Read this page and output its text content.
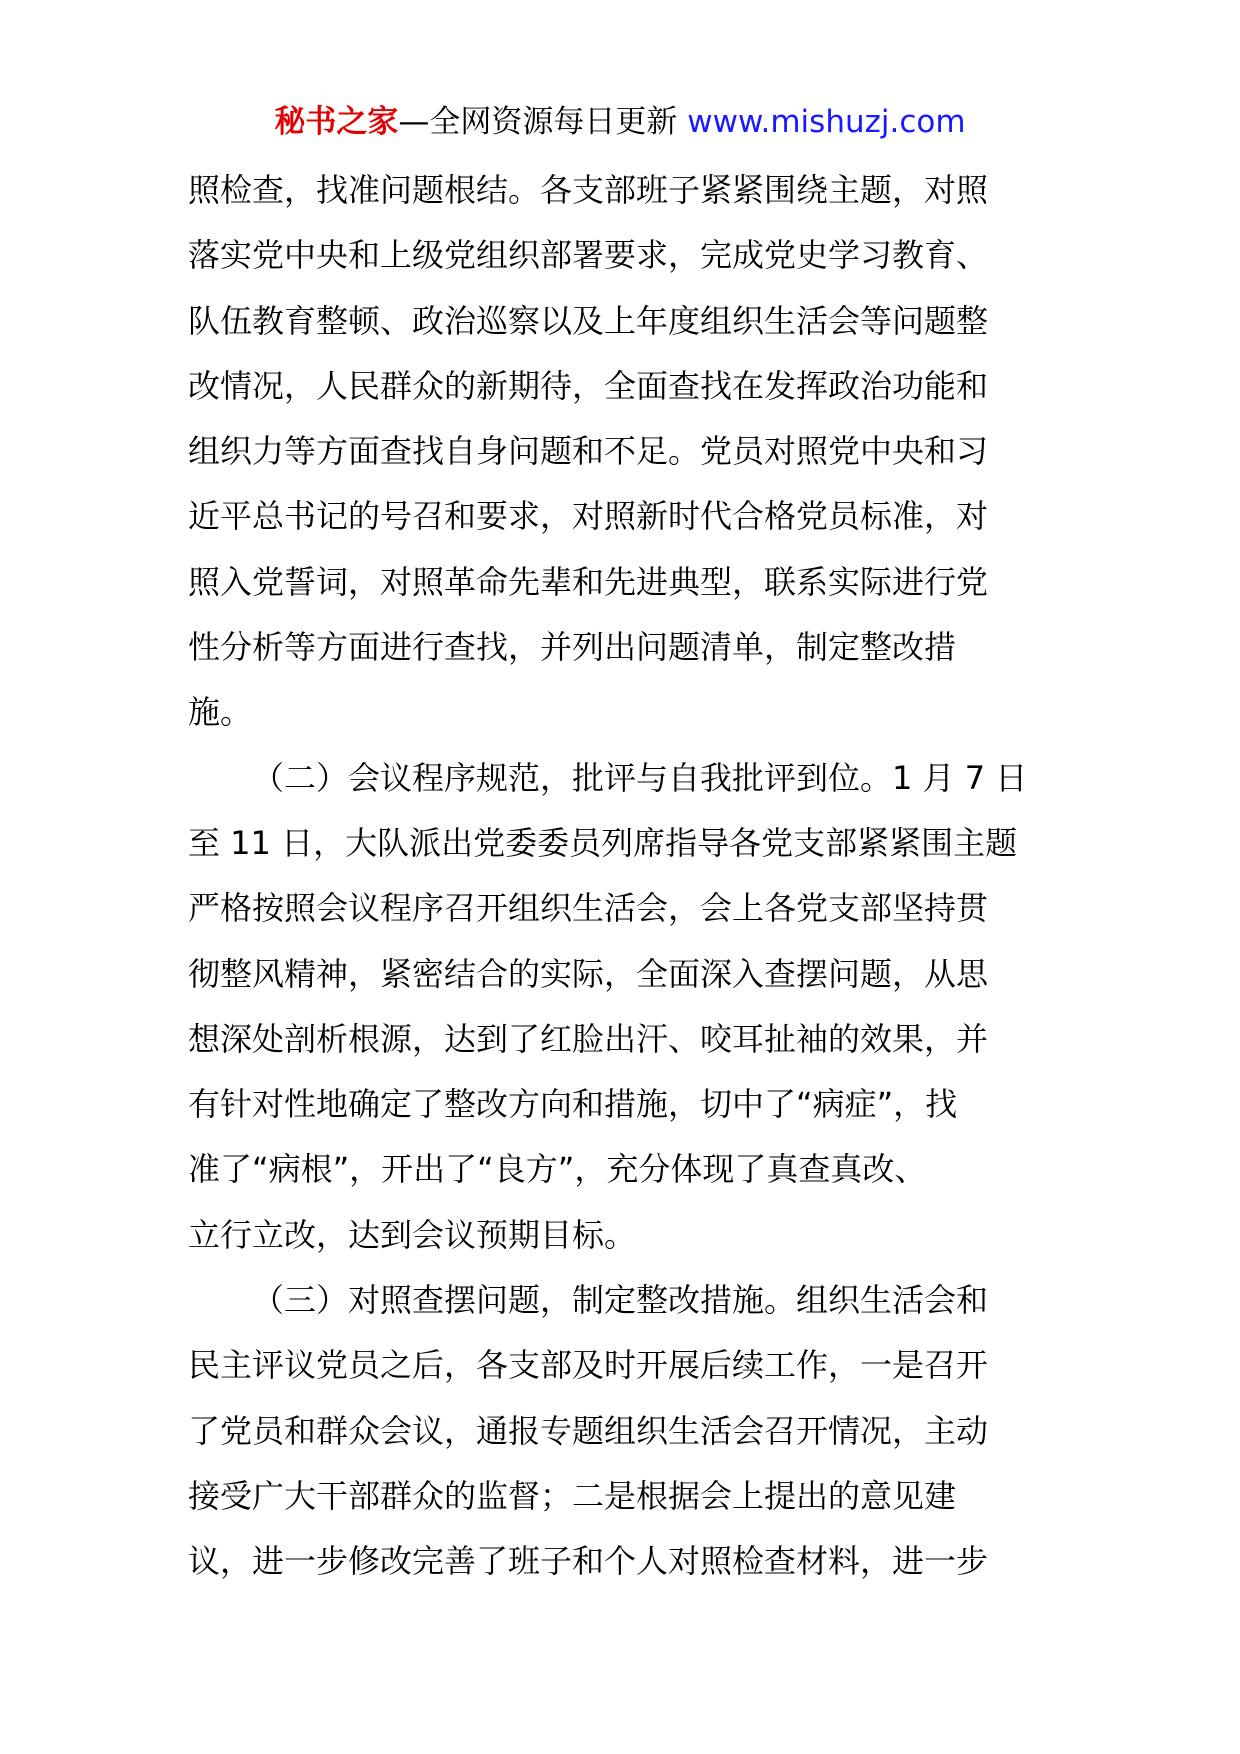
秘书之家—全网资源每日更新 www.mishuzj.com
照检查，找准问题根结。各支部班子紧紧围绕主题，对照
落实党中央和上级党组织部署要求，完成党史学习教育、
队伍教育整顿、政治巡察以及上年度组织生活会等问题整
改情况，人民群众的新期待，全面查找在发挥政治功能和
组织力等方面查找自身问题和不足。党员对照党中央和习
近平总书记的号召和要求，对照新时代合格党员标准，对
照入党誓词，对照革命先辈和先进典型，联系实际进行党
性分析等方面进行查找，并列出问题清单，制定整改措
施。
（二）会议程序规范，批评与自我批评到位。1 月 7 日
至 11 日，大队派出党委委员列席指导各党支部紧紧围主题
严格按照会议程序召开组织生活会，会上各党支部坚持贯
彻整风精神，紧密结合的实际，全面深入查摆问题，从思
想深处剖析根源，达到了红脸出汗、咬耳扯袖的效果，并
有针对性地确定了整改方向和措施，切中了“病症”，找
准了“病根”，开出了“良方”，充分体现了真查真改、
立行立改，达到会议预期目标。
（三）对照查摆问题，制定整改措施。组织生活会和
民主评议党员之后，各支部及时开展后续工作，一是召开
了党员和群众会议，通报专题组织生活会召开情况，主动
接受广大干部群众的监督；二是根据会上提出的意见建
议，进一步修改完善了班子和个人对照检查材料，进一步
